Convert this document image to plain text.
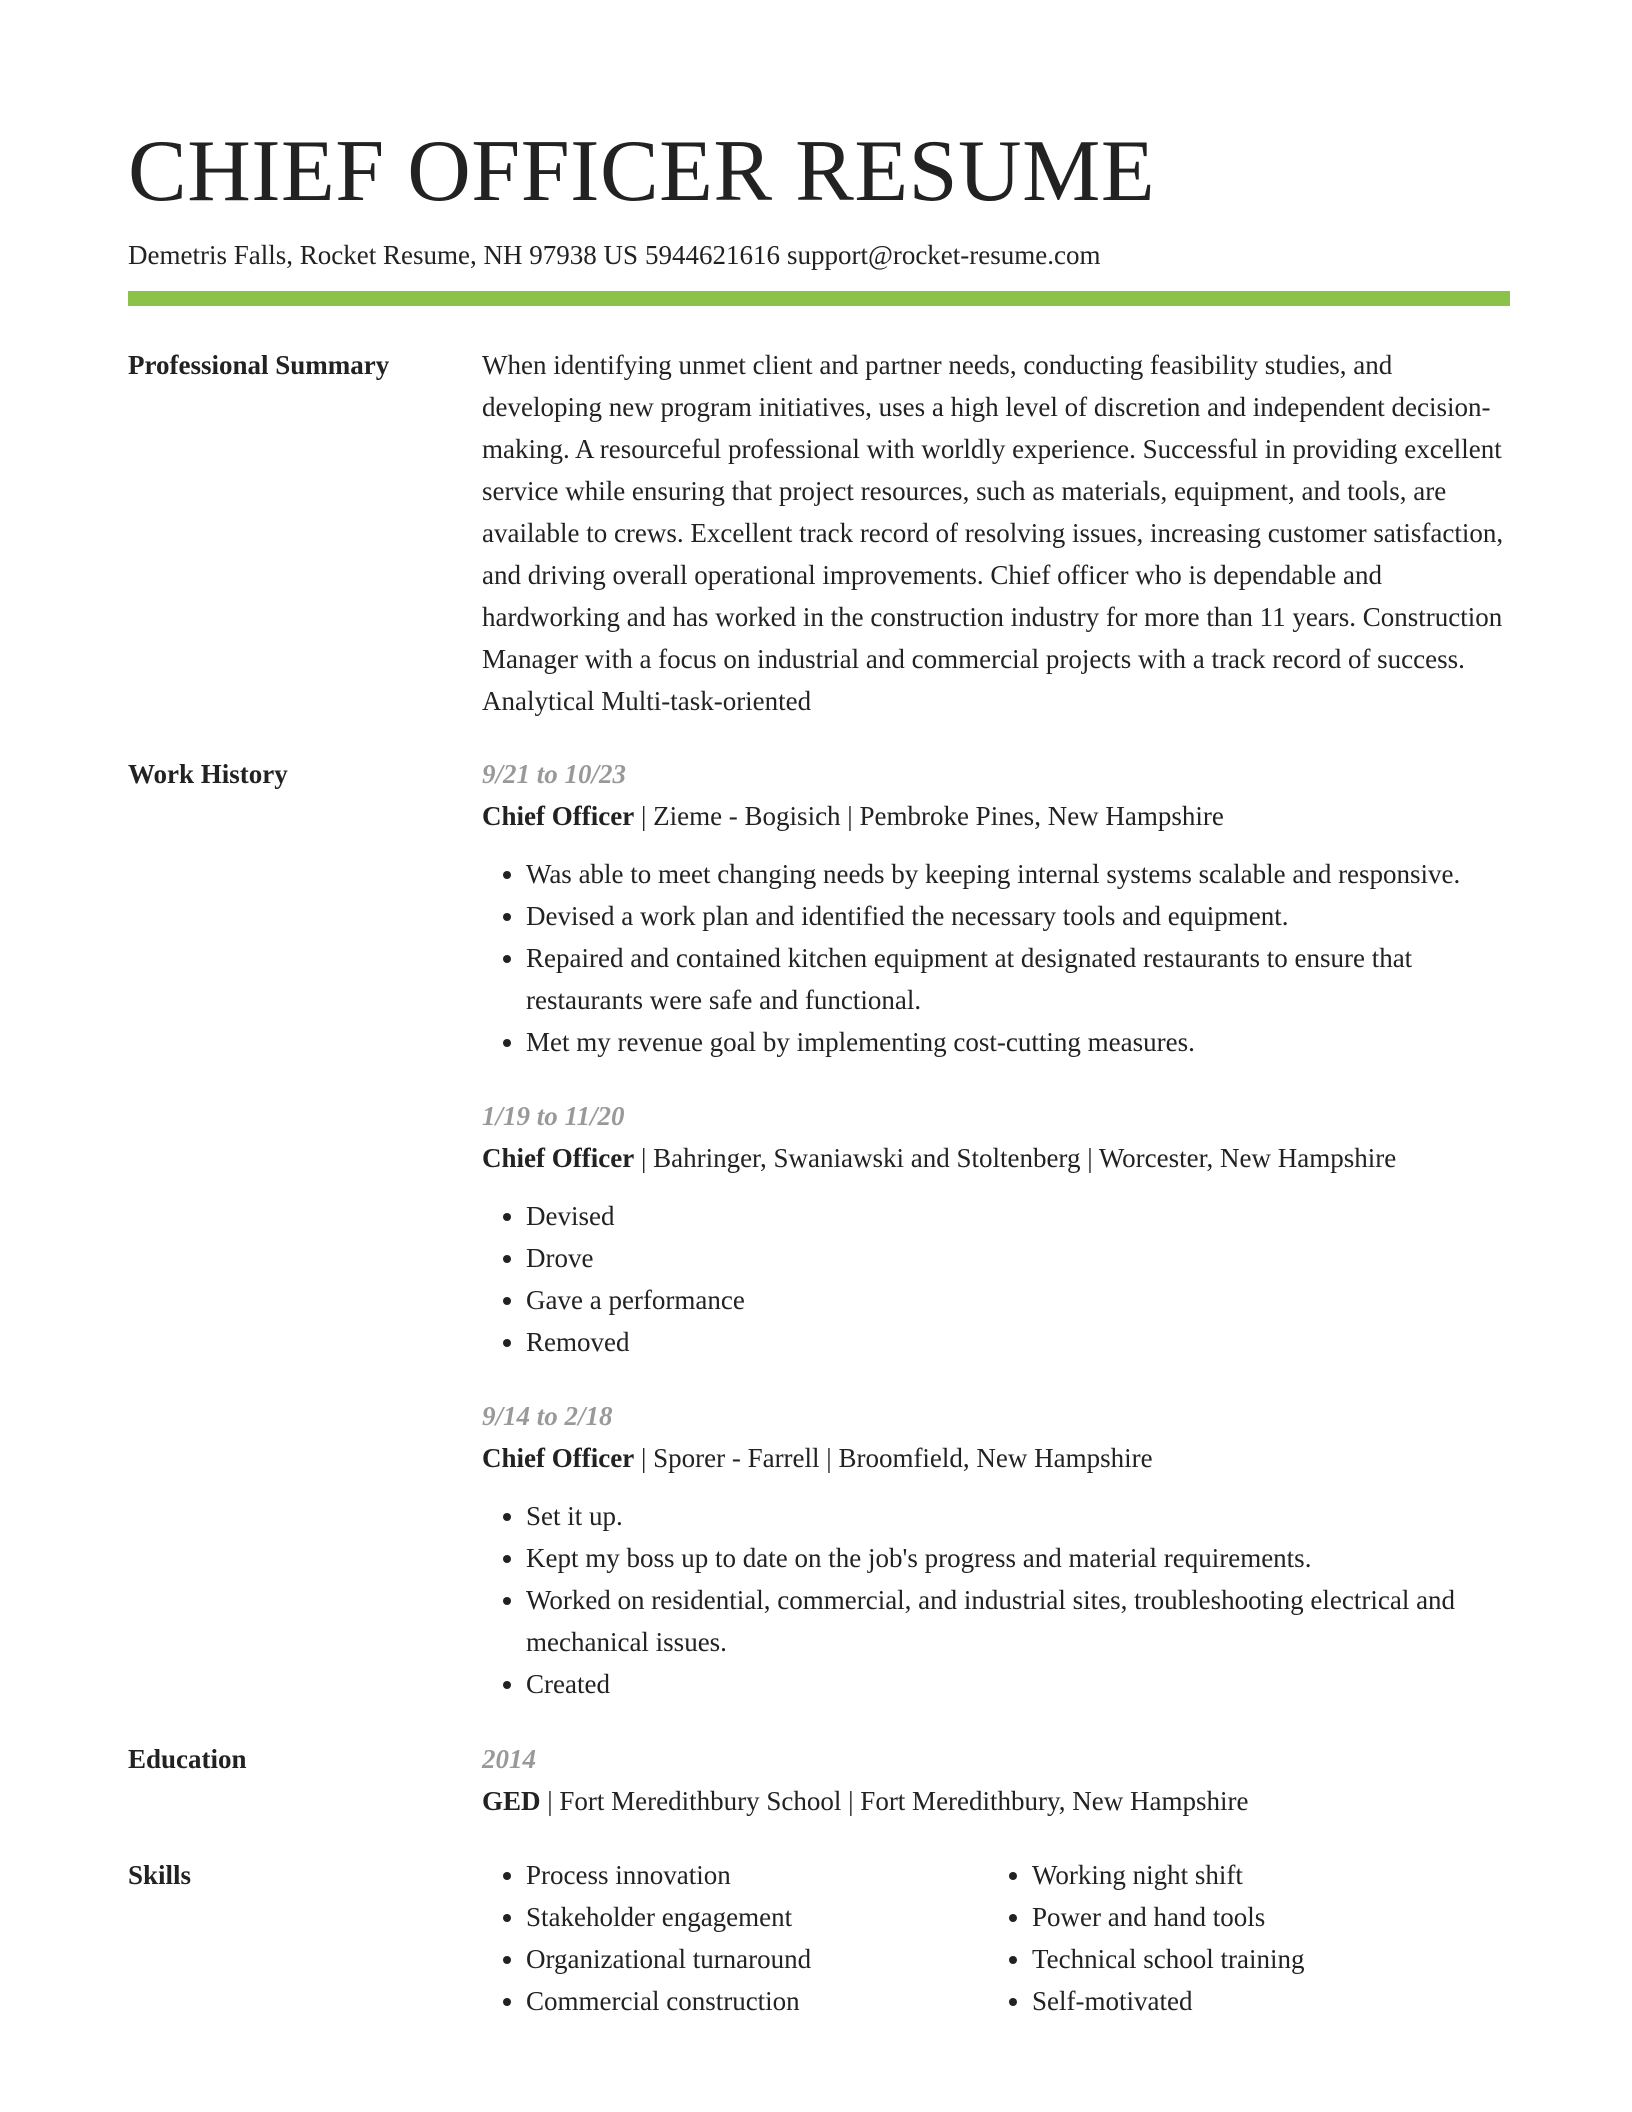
CHIEF OFFICER RESUME
Demetris Falls, Rocket Resume, NH 97938 US 5944621616 support@rocket-resume.com
Professional Summary	When identifying unmet client and partner needs, conducting feasibility studies, and developing new program initiatives, uses a high level of discretion and independent decision-making. A resourceful professional with worldly experience. Successful in providing excellent service while ensuring that project resources, such as materials, equipment, and tools, are available to crews. Excellent track record of resolving issues, increasing customer satisfaction, and driving overall operational improvements. Chief officer who is dependable and hardworking and has worked in the construction industry for more than 11 years. Construction Manager with a focus on industrial and commercial projects with a track record of success. Analytical Multi-task-oriented

Work History	9/21 to 10/23
Chief Officer | Zieme - Bogisich | Pembroke Pines, New Hampshire
• Was able to meet changing needs by keeping internal systems scalable and responsive.
• Devised a work plan and identified the necessary tools and equipment.
• Repaired and contained kitchen equipment at designated restaurants to ensure that restaurants were safe and functional.
• Met my revenue goal by implementing cost-cutting measures.
1/19 to 11/20
Chief Officer | Bahringer, Swaniawski and Stoltenberg | Worcester, New Hampshire
• Devised
• Drove
• Gave a performance
• Removed
9/14 to 2/18
Chief Officer | Sporer - Farrell | Broomfield, New Hampshire
• Set it up.
• Kept my boss up to date on the job's progress and material requirements.
• Worked on residential, commercial, and industrial sites, troubleshooting electrical and mechanical issues.
• Created
Education	2014
GED | Fort Meredithbury School | Fort Meredithbury, New Hampshire
Skills
•	Process innovation
• Stakeholder engagement
• Organizational turnaround
• Commercial construction
• Working night shift
• Power and hand tools
• Technical school training
• Self-motivated
